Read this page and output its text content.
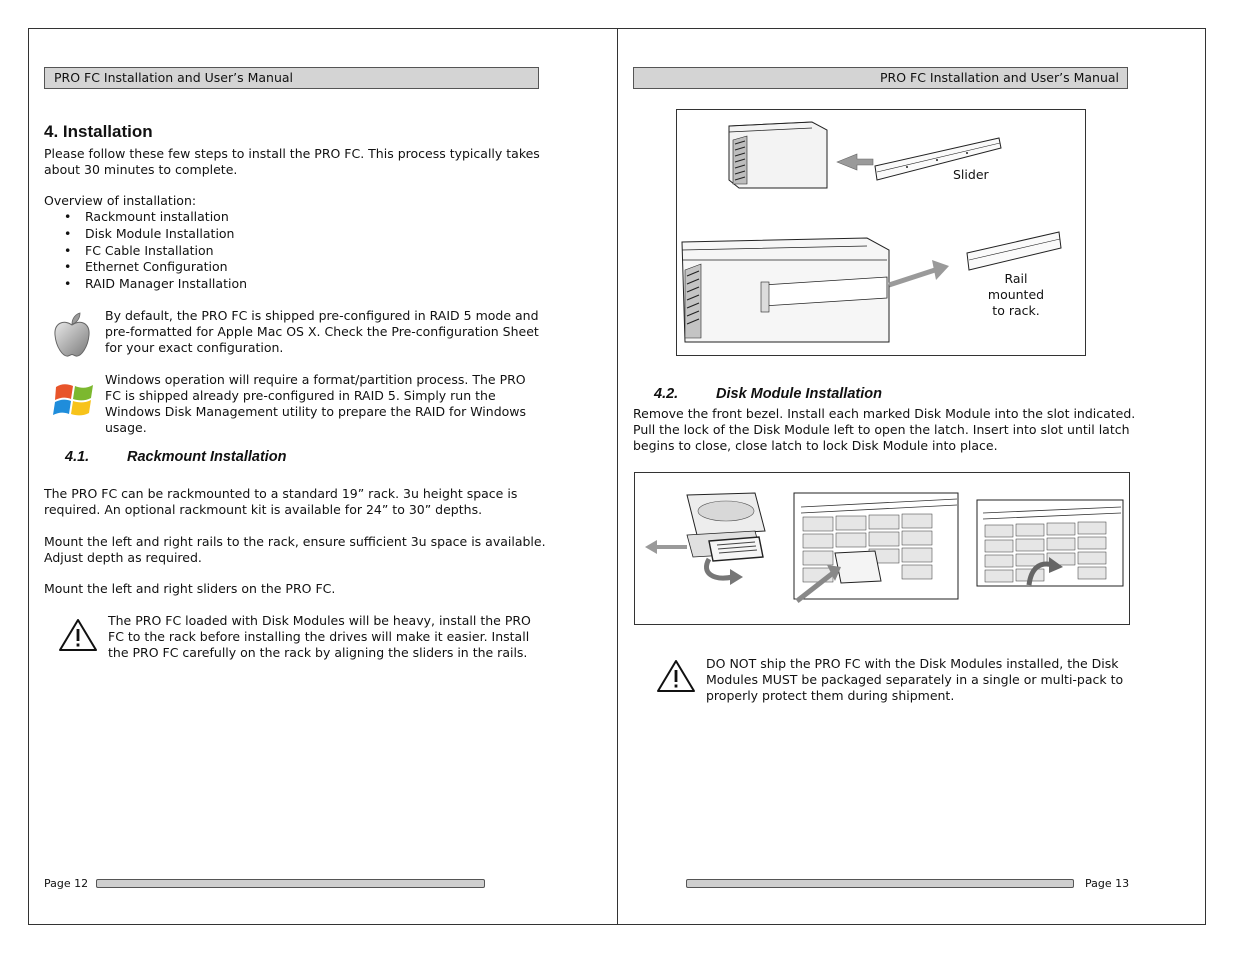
PRO FC Installation and User’s Manual	PRO FC Installation and User’s Manual
4. Installation
Please follow these few steps to install the PRO FC. This process typically takes
about 30 minutes to complete.
Overview of installation:
• Rackmount installation
• Disk Module Installation
• FC Cable Installation
• Ethernet Configuration
• RAID Manager Installation
By default, the PRO FC is shipped pre-configured in RAID 5 mode and
pre-formatted for Apple Mac OS X. Check the Pre-configuration Sheet
for your exact configuration.
Windows operation will require a format/partition process. The PRO
FC is shipped already pre-configured in RAID 5. Simply run the
Windows Disk Management utility to prepare the RAID for Windows
usage.
4.1.	Rackmount Installation
The PRO FC can be rackmounted to a standard 19” rack. 3u height space is
required. An optional rackmount kit is available for 24” to 30” depths.
Mount the left and right rails to the rack, ensure sufficient 3u space is available.
Adjust depth as required.
Mount the left and right sliders on the PRO FC.
The PRO FC loaded with Disk Modules will be heavy, install the PRO
FC to the rack before installing the drives will make it easier. Install
the PRO FC carefully on the rack by aligning the sliders in the rails.
Page 12
Slider
Rail mounted
to rack.
4.2.	Disk Module Installation
Remove the front bezel. Install each marked Disk Module into the slot indicated.
Pull the lock of the Disk Module left to open the latch. Insert into slot until latch
begins to close, close latch to lock Disk Module into place.
DO NOT ship the PRO FC with the Disk Modules installed, the Disk
Modules MUST be packaged separately in a single or multi-pack to
properly protect them during shipment.
Page 13
